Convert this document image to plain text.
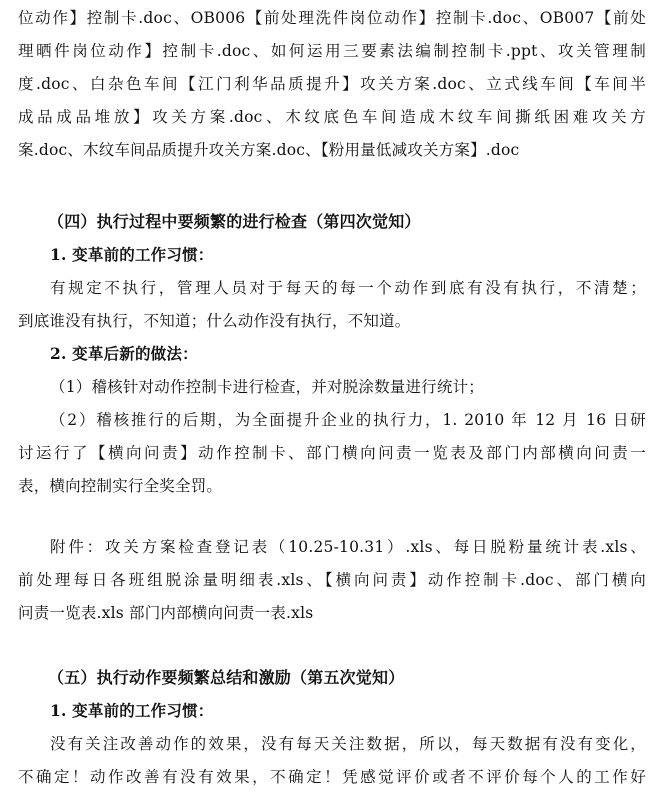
位动作】控制卡.doc、OB006【前处理洗件岗位动作】控制卡.doc、OB007【前处
理晒件岗位动作】控制卡.doc、如何运用三要素法编制控制卡.ppt、攻关管理制
度.doc、白杂色车间【江门利华品质提升】攻关方案.doc、立式线车间【车间半
成品成品堆放】攻关方案.doc、木纹底色车间造成木纹车间撕纸困难攻关方
案.doc、木纹车间品质提升攻关方案.doc、【粉用量低减攻关方案】.doc
（四）执行过程中要频繁的进行检查（第四次觉知）
1. 变革前的工作习惯：
有规定不执行，管理人员对于每天的每一个动作到底有没有执行，不清楚；
到底谁没有执行，不知道；什么动作没有执行，不知道。
2. 变革后新的做法：
（1）稽核针对动作控制卡进行检查，并对脱涂数量进行统计；
（2）稽核推行的后期，为全面提升企业的执行力，1. 2010 年 12 月 16 日研
讨运行了【横向问责】动作控制卡、部门横向问责一览表及部门内部横向问责一
表，横向控制实行全奖全罚。
附件：攻关方案检查登记表（10.25-10.31）.xls、每日脱粉量统计表.xls、
前处理每日各班组脱涂量明细表.xls、【横向问责】动作控制卡.doc、部门横向
问责一览表.xls 部门内部横向问责一表.xls
（五）执行动作要频繁总结和激励（第五次觉知）
1. 变革前的工作习惯：
没有关注改善动作的效果，没有每天关注数据，所以，每天数据有没有变化，
不确定！动作改善有没有效果，不确定！凭感觉评价或者不评价每个人的工作好
